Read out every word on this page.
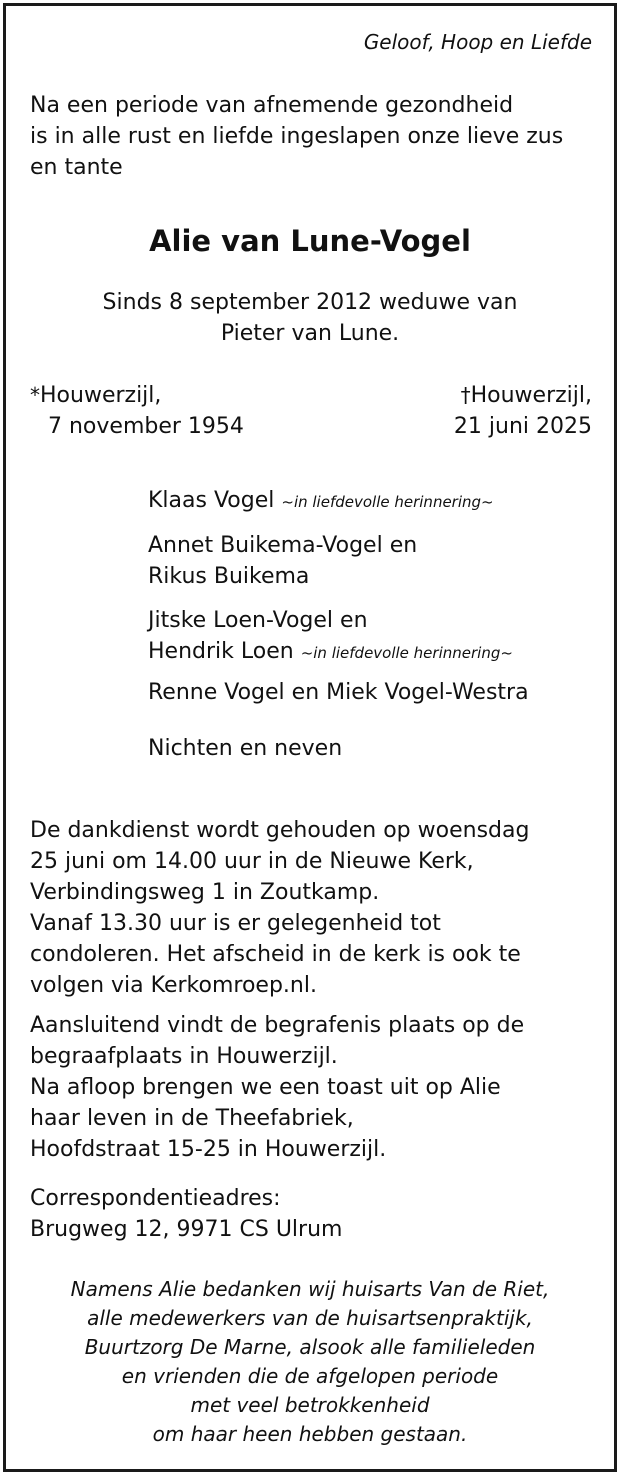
Geloof, Hoop en Liefde
Na een periode van afnemende gezondheid
is in alle rust en liefde ingeslapen onze lieve zus
en tante
Alie van Lune-Vogel
Sinds 8 september 2012 weduwe van
Pieter van Lune.
*Houwerzijl,
7 november 1954
†Houwerzijl,
21 juni 2025
Klaas Vogel ~in liefdevolle herinnering~
Annet Buikema-Vogel en
Rikus Buikema
Jitske Loen-Vogel en
Hendrik Loen ~in liefdevolle herinnering~
Renne Vogel en Miek Vogel-Westra
Nichten en neven
De dankdienst wordt gehouden op woensdag
25 juni om 14.00 uur in de Nieuwe Kerk,
Verbindingsweg 1 in Zoutkamp.
Vanaf 13.30 uur is er gelegenheid tot
condoleren. Het afscheid in de kerk is ook te
volgen via Kerkomroep.nl.
Aansluitend vindt de begrafenis plaats op de
begraafplaats in Houwerzijl.
Na afloop brengen we een toast uit op Alie
haar leven in de Theefabriek,
Hoofdstraat 15-25 in Houwerzijl.
Correspondentieadres:
Brugweg 12, 9971 CS Ulrum
Namens Alie bedanken wij huisarts Van de Riet,
alle medewerkers van de huisartsenpraktijk,
Buurtzorg De Marne, alsook alle familieleden
en vrienden die de afgelopen periode
met veel betrokkenheid
om haar heen hebben gestaan.
